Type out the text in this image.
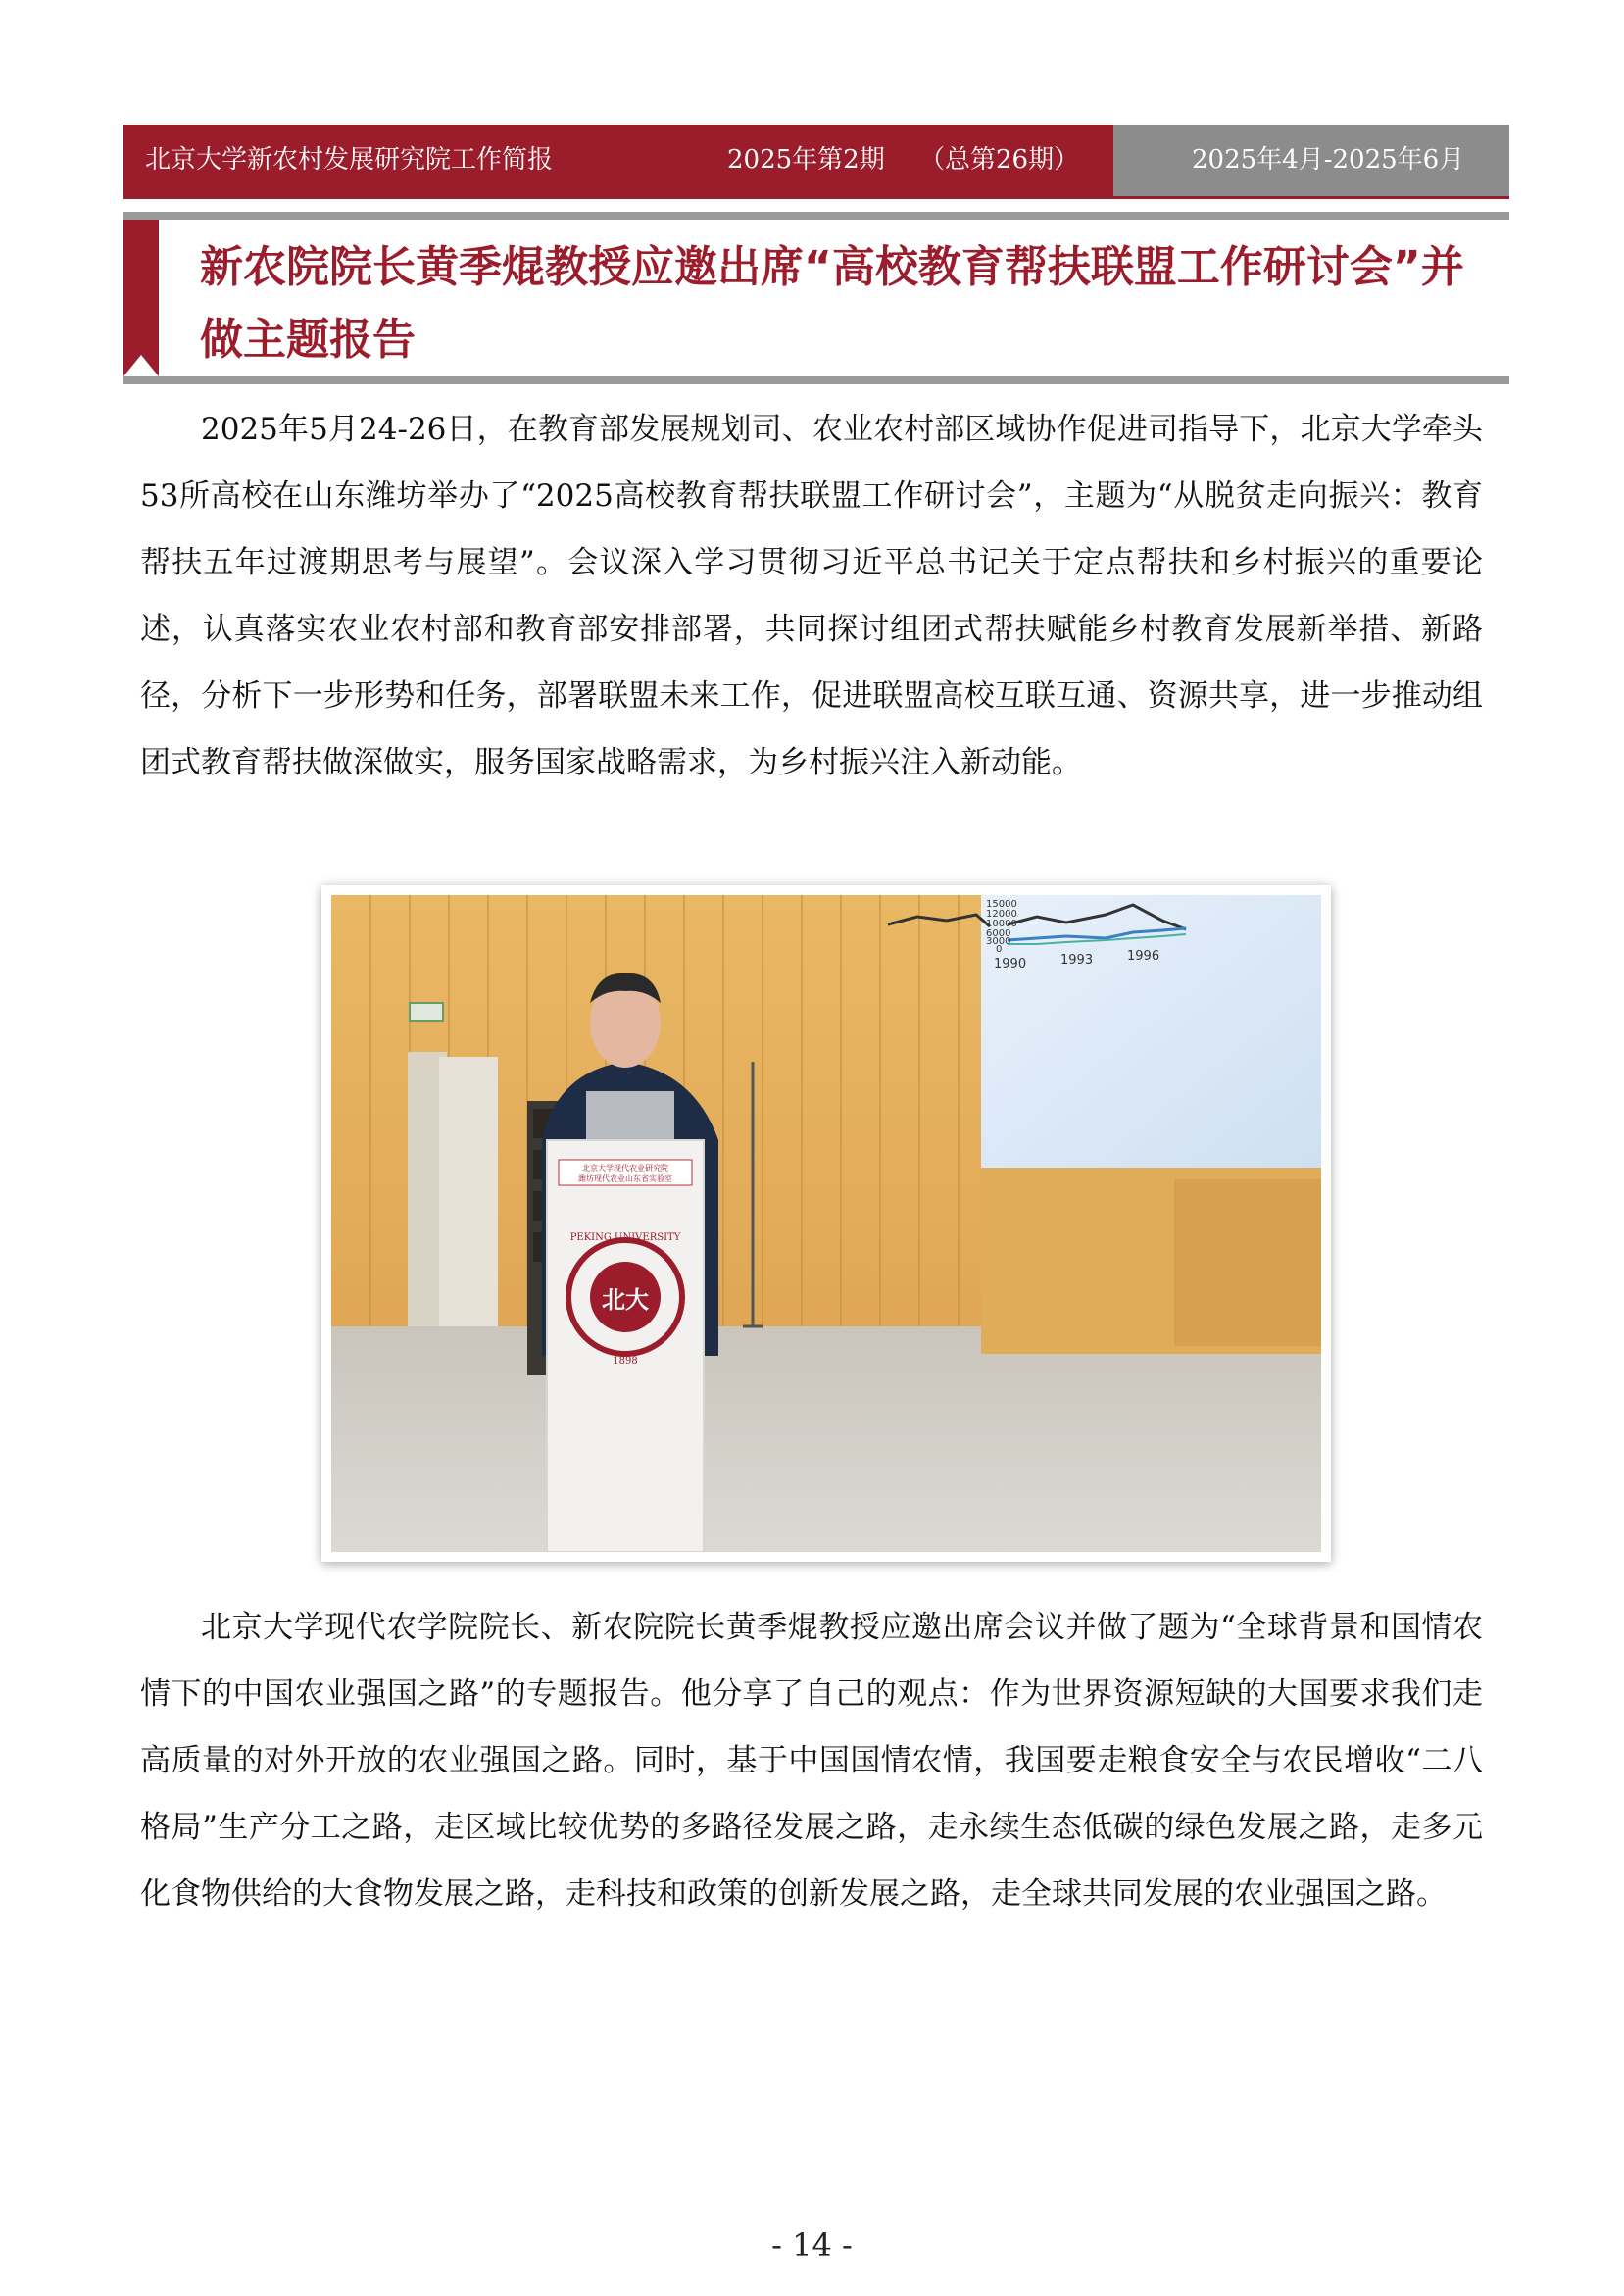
北京大学新农村发展研究院工作简报	2025年第2期 （总第26期）	2025年4月-2025年6月
新农院院长黄季焜教授应邀出席“高校教育帮扶联盟工作研讨会”并
做主题报告
2025年5月24-26日，在教育部发展规划司、农业农村部区域协作促进司指导下，北京大学牵头53所高校在山东潍坊举办了“2025高校教育帮扶联盟工作研讨会”，主题为“从脱贫走向振兴：教育帮扶五年过渡期思考与展望”。会议深入学习贯彻习近平总书记关于定点帮扶和乡村振兴的重要论述，认真落实农业农村部和教育部安排部署，共同探讨组团式帮扶赋能乡村教育发展新举措、新路径，分析下一步形势和任务，部署联盟未来工作，促进联盟高校互联互通、资源共享，进一步推动组团式教育帮扶做深做实，服务国家战略需求，为乡村振兴注入新动能。
15000
12000
10000
6000
3000
0
1990	1993	1996
北京大学现代农业研究院
潍坊现代农业山东省实验室
北大
PEKING UNIVERSITY
1898
北京大学现代农学院院长、新农院院长黄季焜教授应邀出席会议并做了题为“全球背景和国情农情下的中国农业强国之路”的专题报告。他分享了自己的观点：作为世界资源短缺的大国要求我们走高质量的对外开放的农业强国之路。同时，基于中国国情农情，我国要走粮食安全与农民增收“二八格局”生产分工之路，走区域比较优势的多路径发展之路，走永续生态低碳的绿色发展之路，走多元化食物供给的大食物发展之路，走科技和政策的创新发展之路，走全球共同发展的农业强国之路。
- 14 -
